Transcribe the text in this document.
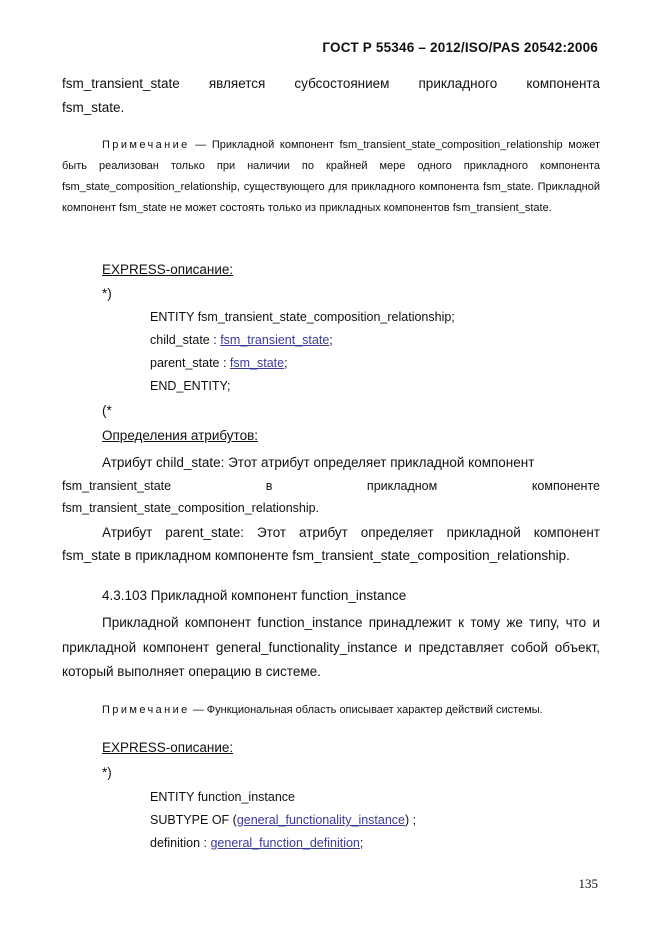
ГОСТ Р 55346 – 2012/ISO/PAS 20542:2006
fsm_transient_state является субсостоянием прикладного компонента
fsm_state.
Примечание — Прикладной компонент fsm_transient_state_composition_relationship может быть реализован только при наличии по крайней мере одного прикладного компонента fsm_state_composition_relationship, существующего для прикладного компонента fsm_state. Прикладной компонент fsm_state не может состоять только из прикладных компонентов fsm_transient_state.
EXPRESS-описание:
*)
ENTITY fsm_transient_state_composition_relationship;
child_state : fsm_transient_state;
parent_state : fsm_state;
END_ENTITY;
(*
Определения атрибутов:
Атрибут child_state: Этот атрибут определяет прикладной компонент
fsm_transient_state	в	прикладном	компоненте
fsm_transient_state_composition_relationship.
Атрибут parent_state: Этот атрибут определяет прикладной компонент fsm_state в прикладном компоненте fsm_transient_state_composition_relationship.
4.3.103 Прикладной компонент function_instance
Прикладной компонент function_instance принадлежит к тому же типу, что и прикладной компонент general_functionality_instance и представляет собой объект, который выполняет операцию в системе.
Примечание — Функциональная область описывает характер действий системы.
EXPRESS-описание:
*)
ENTITY function_instance
SUBTYPE OF (general_functionality_instance) ;
definition : general_function_definition;
135
